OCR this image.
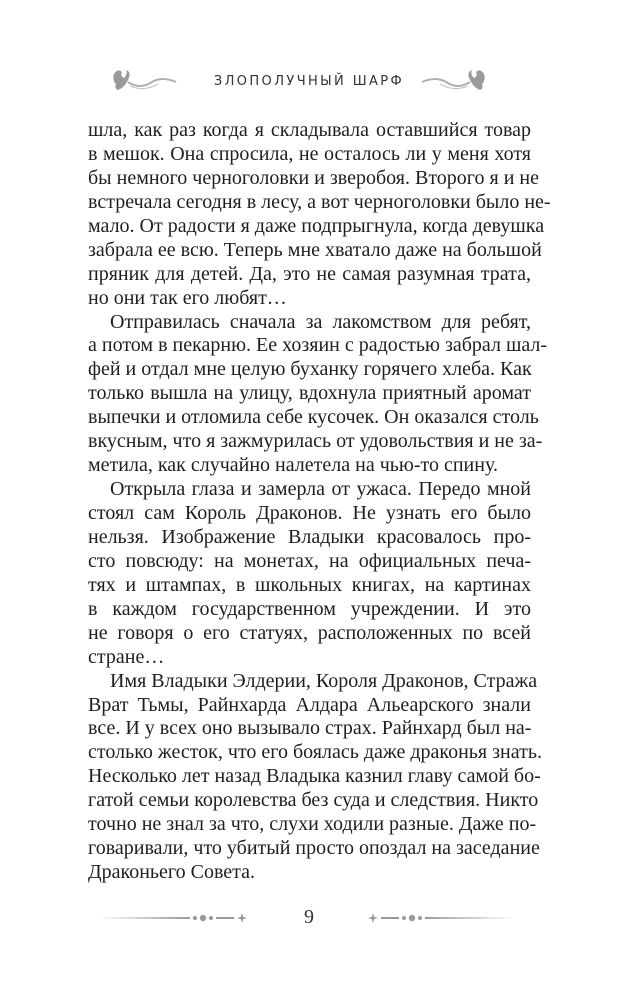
ЗЛОПОЛУЧНЫЙ ШАРФ

шла, как раз когда я складывала оставшийся товар
в мешок. Она спросила, не осталось ли у меня хотя
бы немного черноголовки и зверобоя. Второго я и не
встречала сегодня в лесу, а вот черноголовки было не-
мало. От радости я даже подпрыгнула, когда девушка
забрала ее всю. Теперь мне хватало даже на большой
пряник для детей. Да, это не самая разумная трата,
но они так его любят…

Отправилась сначала за лакомством для ребят,
а потом в пекарню. Ее хозяин с радостью забрал шал-
фей и отдал мне целую буханку горячего хлеба. Как
только вышла на улицу, вдохнула приятный аромат
выпечки и отломила себе кусочек. Он оказался столь
вкусным, что я зажмурилась от удовольствия и не за-
метила, как случайно налетела на чью-то спину.

Открыла глаза и замерла от ужаса. Передо мной
стоял сам Король Драконов. Не узнать его было
нельзя. Изображение Владыки красовалось про-
сто повсюду: на монетах, на официальных печа-
тях и штампах, в школьных книгах, на картинах
в каждом государственном учреждении. И это
не говоря о его статуях, расположенных по всей
стране…

Имя Владыки Элдерии, Короля Драконов, Стража
Врат Тьмы, Райнхарда Алдара Альеарского знали
все. И у всех оно вызывало страх. Райнхард был на-
столько жесток, что его боялась даже драконья знать.
Несколько лет назад Владыка казнил главу самой бо-
гатой семьи королевства без суда и следствия. Никто
точно не знал за что, слухи ходили разные. Даже по-
говаривали, что убитый просто опоздал на заседание
Драконьего Совета.

9
